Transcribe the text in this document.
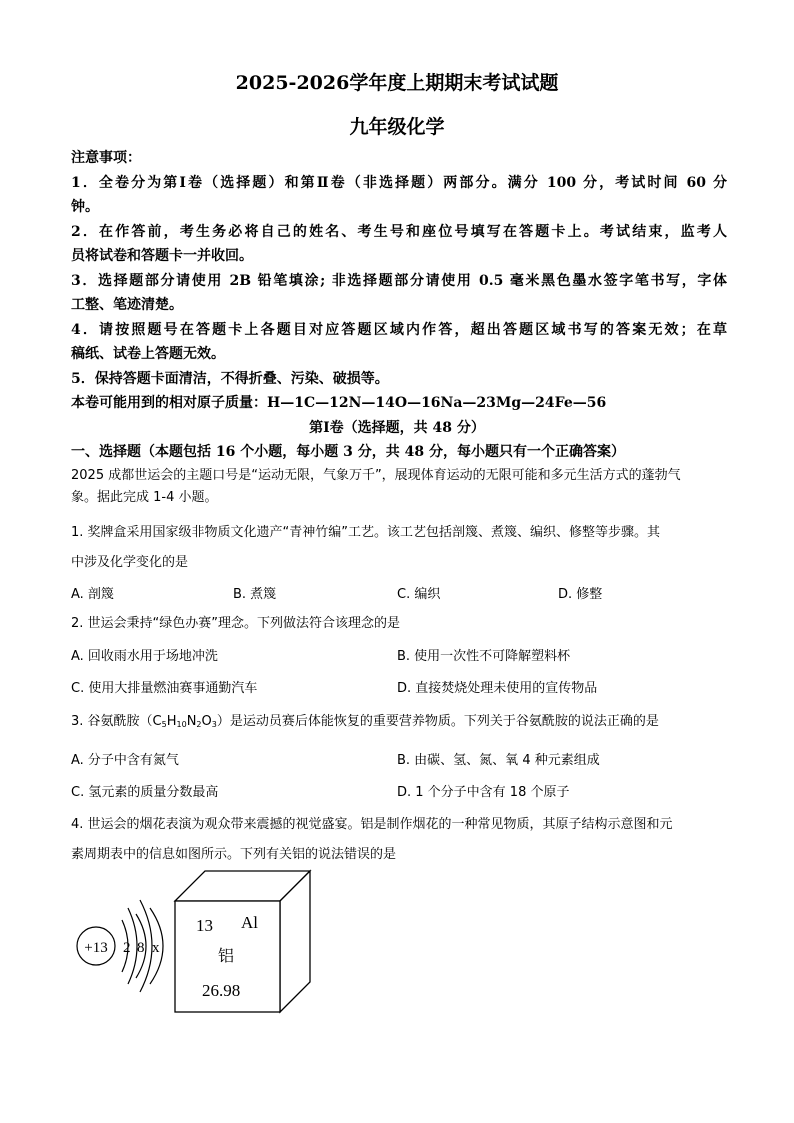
2025-2026学年度上期期末考试试题
九年级化学
注意事项：
1．全卷分为第Ⅰ卷（选择题）和第Ⅱ卷（非选择题）两部分。满分 100 分，考试时间 60 分
钟。
2．在作答前，考生务必将自己的姓名、考生号和座位号填写在答题卡上。考试结束，监考人
员将试卷和答题卡一并收回。
3．选择题部分请使用 2B 铅笔填涂; 非选择题部分请使用 0.5 毫米黑色墨水签字笔书写，字体
工整、笔迹清楚。
4．请按照题号在答题卡上各题目对应答题区域内作答，超出答题区域书写的答案无效；在草
稿纸、试卷上答题无效。
5．保持答题卡面清洁，不得折叠、污染、破损等。
本卷可能用到的相对原子质量：H—1C—12N—14O—16Na—23Mg—24Fe—56
第Ⅰ卷（选择题，共 48 分）
一、选择题（本题包括 16 个小题，每小题 3 分，共 48 分，每小题只有一个正确答案）
2025 成都世运会的主题口号是“运动无限，气象万千”，展现体育运动的无限可能和多元生活方式的蓬勃气
象。据此完成 1-4 小题。
1. 奖牌盒采用国家级非物质文化遗产“青神竹编”工艺。该工艺包括剖篾、煮篾、编织、修整等步骤。其
中涉及化学变化的是
A. 剖篾	B. 煮篾	C. 编织	D. 修整
2. 世运会秉持“绿色办赛”理念。下列做法符合该理念的是
A. 回收雨水用于场地冲洗	B. 使用一次性不可降解塑料杯
C. 使用大排量燃油赛事通勤汽车	D. 直接焚烧处理未使用的宣传物品
3. 谷氨酰胺$(C_5H_{10}N_2O_3)$是运动员赛后体能恢复的重要营养物质。下列关于谷氨酰胺的说法正确的是
A. 分子中含有氮气	B. 由碳、氢、氮、氧 4 种元素组成
C. 氢元素的质量分数最高	D. 1 个分子中含有 18 个原子
4. 世运会的烟花表演为观众带来震撼的视觉盛宴。铝是制作烟花的一种常见物质，其原子结构示意图和元
素周期表中的信息如图所示。下列有关铝的说法错误的是
+13 2 8 x
13 Al
铝
26.98
